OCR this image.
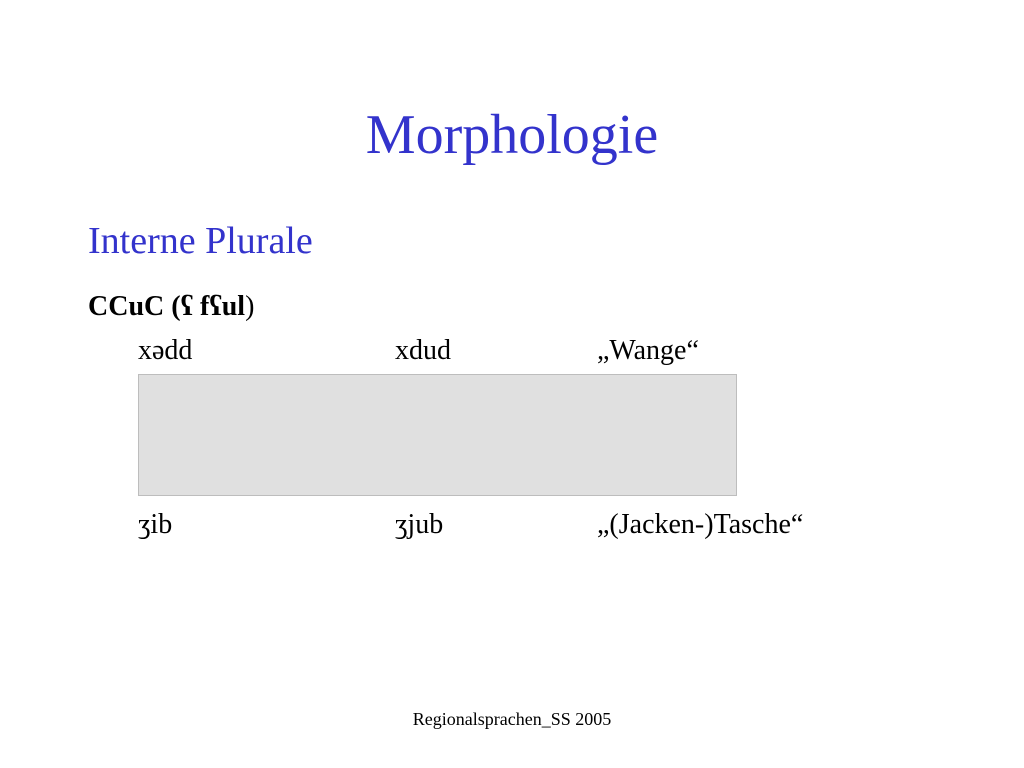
Morphologie
Interne Plurale
CCuC (ʕ fʕul)
xədd	xdud	„Wange“
ʒib	ʒjub	„(Jacken-)Tasche“
Regionalsprachen_SS 2005
